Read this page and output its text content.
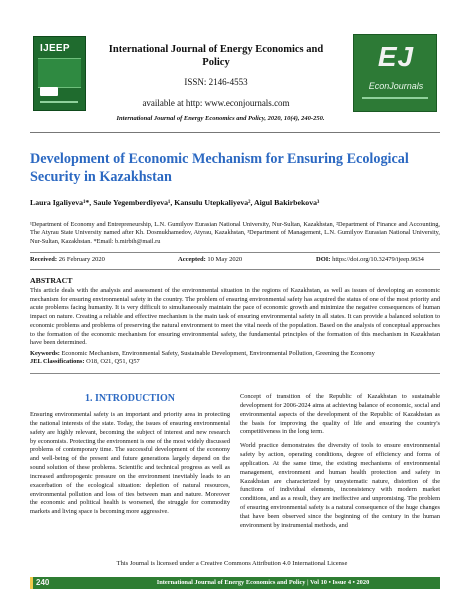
IJEEP	International Journal of Energy Economics and Policy
ISSN: 2146-4553
available at http: www.econjournals.com
International Journal of Energy Economics and Policy, 2020, 10(4), 240-250.
EJ
EconJournals
Development of Economic Mechanism for Ensuring Ecological Security in Kazakhstan
Laura Igaliyeva¹*, Saule Yegemberdiyeva¹, Kansulu Utepkaliyeva², Aigul Bakirbekova³
¹Department of Economy and Entrepreneurship, L.N. Gumilyov Eurasian National University, Nur-Sultan, Kazakhstan, ²Department of Finance and Accounting, The Atyrau State University named after Kh. Dosmukhamedov, Atyrau, Kazakhstan, ³Department of Management, L.N. Gumilyov Eurasian National University, Nur-Sultan, Kazakhstan. *Email: b.mirbih@mail.ru
Received: 26 February 2020	Accepted: 10 May 2020	DOI: https://doi.org/10.32479/ijeep.9634
ABSTRACT

This article deals with the analysis and assessment of the environmental situation in the regions of Kazakhstan, as well as issues of developing an economic mechanism for ensuring environmental safety in the country. The problem of ensuring environmental safety has acquired the status of one of the most priority and acute problems facing humanity. It is very difficult to simultaneously maintain the pace of economic growth and minimize the negative consequences of human impact on nature. Creating a reliable and effective mechanism is the main task of ensuring environmental safety in all states. It can provide a balanced solution to economic problems and problems of preserving the natural environment to meet the vital needs of the population. Based on the analysis of conceptual approaches to the formation of the economic mechanism for ensuring environmental safety, the fundamental principles of the formation of this mechanism in Kazakhstan have been determined.

Keywords: Economic Mechanism, Environmental Safety, Sustainable Development, Environmental Pollution, Greening the Economy
JEL Classifications: O18, O21, Q51, Q57
1. INTRODUCTION

Ensuring environmental safety is an important and priority area in protecting the national interests of the state. Today, the issues of ensuring environmental safety are highly relevant, becoming the subject of interest and new research by economists. Protecting the environment is one of the most widely discussed problems of contemporary time. The successful development of the economy and well-being of the present and future generations largely depend on the sound solution of these problems. Scientific and technical progress as well as increased anthropogenic pressure on the environment inevitably leads to an exacerbation of the ecological situation: depletion of natural resources, environmental pollution and loss of ties between man and nature. Moreover the economic and political health is worsened, the struggle for commodity markets and living space is becoming more aggressive.

Concept of transition of the Republic of Kazakhstan to sustainable development for 2006-2024 aims at achieving balance of economic, social and environmental aspects of the development of the Republic of Kazakhstan as the basis for improving the quality of life and ensuring the country's competitiveness in the long term.

World practice demonstrates the diversity of tools to ensure environmental safety by action, operating conditions, degree of efficiency and forms of application. At the same time, the existing mechanisms of environmental management, environment and human health protection and safety in Kazakhstan are characterized by unsystematic nature, distortion of the functions of individual elements, inconsistency with modern market conditions, and as a result, they are ineffective and unpromising. The problem of ensuring environmental safety is a natural consequence of the huge changes that have been observed since the beginning of the century in the human environment by instrumental methods, and

This Journal is licensed under a Creative Commons Attribution 4.0 International License
240	International Journal of Energy Economics and Policy | Vol 10 • Issue 4 • 2020
